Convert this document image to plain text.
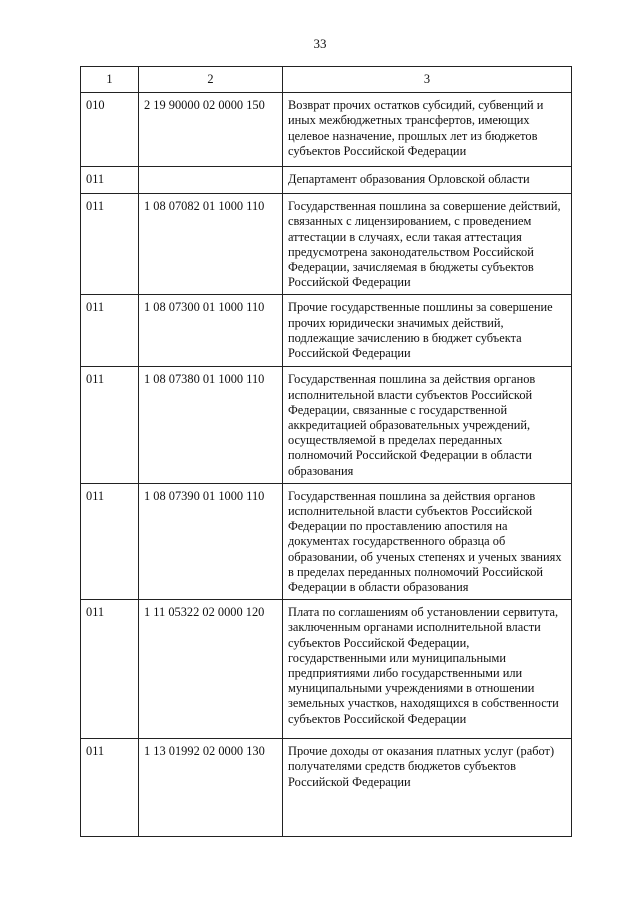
33
1	2	3
010	2 19 90000 02 0000 150	Возврат прочих остатков субсидий, субвенций и иных межбюджетных трансфертов, имеющих целевое назначение, прошлых лет из бюджетов субъектов Российской Федерации
011		Департамент образования Орловской области
011	1 08 07082 01 1000 110	Государственная пошлина за совершение действий, связанных с лицензированием, с проведением аттестации в случаях, если такая аттестация предусмотрена законодательством Российской Федерации, зачисляемая в бюджеты субъектов Российской Федерации
011	1 08 07300 01 1000 110	Прочие государственные пошлины за совершение прочих юридически значимых действий, подлежащие зачислению в бюджет субъекта Российской Федерации
011	1 08 07380 01 1000 110	Государственная пошлина за действия органов исполнительной власти субъектов Российской Федерации, связанные с государственной аккредитацией образовательных учреждений, осуществляемой в пределах переданных полномочий Российской Федерации в области образования
011	1 08 07390 01 1000 110	Государственная пошлина за действия органов исполнительной власти субъектов Российской Федерации по проставлению апостиля на документах государственного образца об образовании, об ученых степенях и ученых званиях в пределах переданных полномочий Российской Федерации в области образования
011	1 11 05322 02 0000 120	Плата по соглашениям об установлении сервитута, заключенным органами исполнительной власти субъектов Российской Федерации, государственными или муниципальными предприятиями либо государственными или муниципальными учреждениями в отношении земельных участков, находящихся в собственности субъектов Российской Федерации
011	1 13 01992 02 0000 130	Прочие доходы от оказания платных услуг (работ) получателями средств бюджетов субъектов Российской Федерации
